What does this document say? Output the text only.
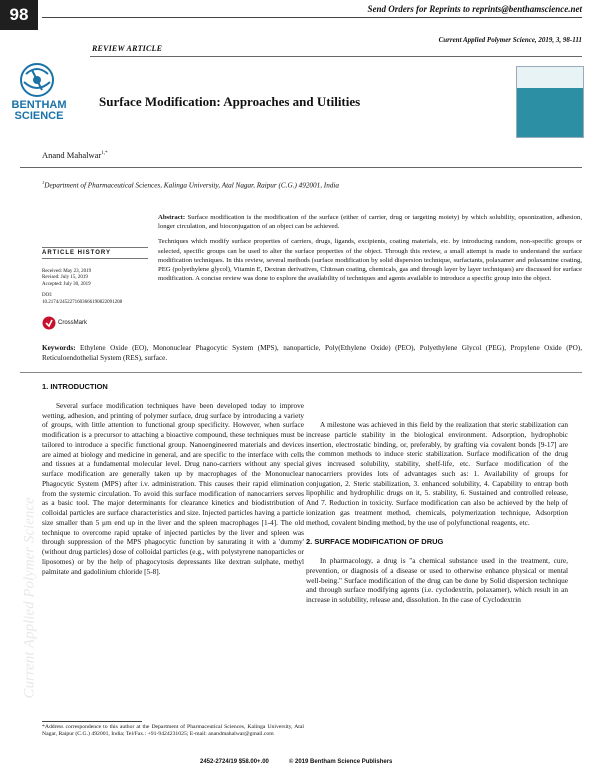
Current Applied Polymer Science
98	Send Orders for Reprints to reprints@benthamscience.net
Current Applied Polymer Science, 2019, 3, 98-111
REVIEW ARTICLE
BENTHAM SCIENCE
Surface Modification: Approaches and Utilities
Anand Mahalwar$^{1,*}$
$^1$Department of Pharmaceutical Sciences, Kalinga University, Atal Nagar, Raipur (C.G.) 492001, India

Abstract: Surface modification is the modification of the surface (either of carrier, drug or targeting moiety) by which solubility, opsonization, adhesion, longer circulation, and bioconjugation of an object can be achieved.

Techniques which modify surface properties of carriers, drugs, ligands, excipients, coating materials, etc. by introducing random, non-specific groups or selected, specific groups can be used to alter the surface properties of the object. Through this review, a small attempt is made to understand the surface modification techniques. In this review, several methods (surface modification by solid dispersion technique, surfactants, polaxamer and polaxamine coating, PEG (polyethylene glycol), Vitamin E, Dextran derivatives, Chitosan coating, chemicals, gas and through layer by layer techniques) are discussed for surface modification. A concise review was done to explore the availability of techniques and agents available to introduce a specific group into the object.

ARTICLE HISTORY
Received: May 23, 2019
Revised: July 15, 2019
Accepted: July 30, 2019
DOI:
10.2174/2452271603666190822091208
CrossMark
Keywords: Ethylene Oxide (EO), Mononuclear Phagocytic System (MPS), nanoparticle, Poly(Ethylene Oxide) (PEO), Polyethylene Glycol (PEG), Propylene Oxide (PO), Reticuloendothelial System (RES), surface.
1. INTRODUCTION

Several surface modification techniques have been developed today to improve wetting, adhesion, and printing of polymer surface, drug surface by introducing a variety of groups, with little attention to functional group specificity. However, when surface modification is a precursor to attaching a bioactive compound, these techniques must be tailored to introduce a specific functional group. Nanoengineered materials and devices are aimed at biology and medicine in general, and are specific to the interface with cells and tissues at a fundamental molecular level. Drug nano-carriers without any special surface modification are generally taken up by macrophages of the Mononuclear Phagocytic System (MPS) after i.v. administration. This causes their rapid elimination from the systemic circulation. To avoid this surface modification of nanocarriers serves as a basic tool. The major determinants for clearance kinetics and biodistribution of colloidal particles are surface characteristics and size. Injected particles having a particle size smaller than 5 μm end up in the liver and the spleen macrophages [1-4]. The old technique to overcome rapid uptake of injected particles by the liver and spleen was through suppression of the MPS phagocytic function by saturating it with a 'dummy' (without drug particles) dose of colloidal particles (e.g., with polystyrene nanoparticles or liposomes) or by the help of phagocytosis depressants like dextran sulphate, methyl palmitate and gadolinium chloride [5-8].

A milestone was achieved in this field by the realization that steric stabilization can increase particle stability in the biological environment. Adsorption, hydrophobic insertion, electrostatic binding, or, preferably, by grafting via covalent bonds [9-17] are the common methods to induce steric stabilization. Surface modification of the drug gives increased solubility, stability, shelf-life, etc. Surface modification of the nanocarriers provides lots of advantages such as: 1. Availability of groups for conjugation, 2. Steric stabilization, 3. enhanced solubility, 4. Capability to entrap both lipophilic and hydrophilic drugs on it, 5. stability, 6. Sustained and controlled release, And 7. Reduction in toxicity. Surface modification can also be achieved by the help of ionization gas treatment method, chemicals, polymerization technique, Adsorption method, covalent binding method, by the use of polyfunctional reagents, etc.

2. SURFACE MODIFICATION OF DRUG

In pharmacology, a drug is "a chemical substance used in the treatment, cure, prevention, or diagnosis of a disease or used to otherwise enhance physical or mental well-being." Surface modification of the drug can be done by Solid dispersion technique and through surface modifying agents (i.e. cyclodextrin, polaxamer), which result in an increase in solubility, release and, dissolution. In the case of Cyclodextrin

*Address correspondence to this author at the Department of Pharmaceutical Sciences, Kalinga University, Atal Nagar, Raipur (C.G.) 492001, India; Tel/Fax.: +91-9424231025; E-mail: anandmahalwar@gmail.com
2452-2724/19 $58.00+.00	© 2019 Bentham Science Publishers
